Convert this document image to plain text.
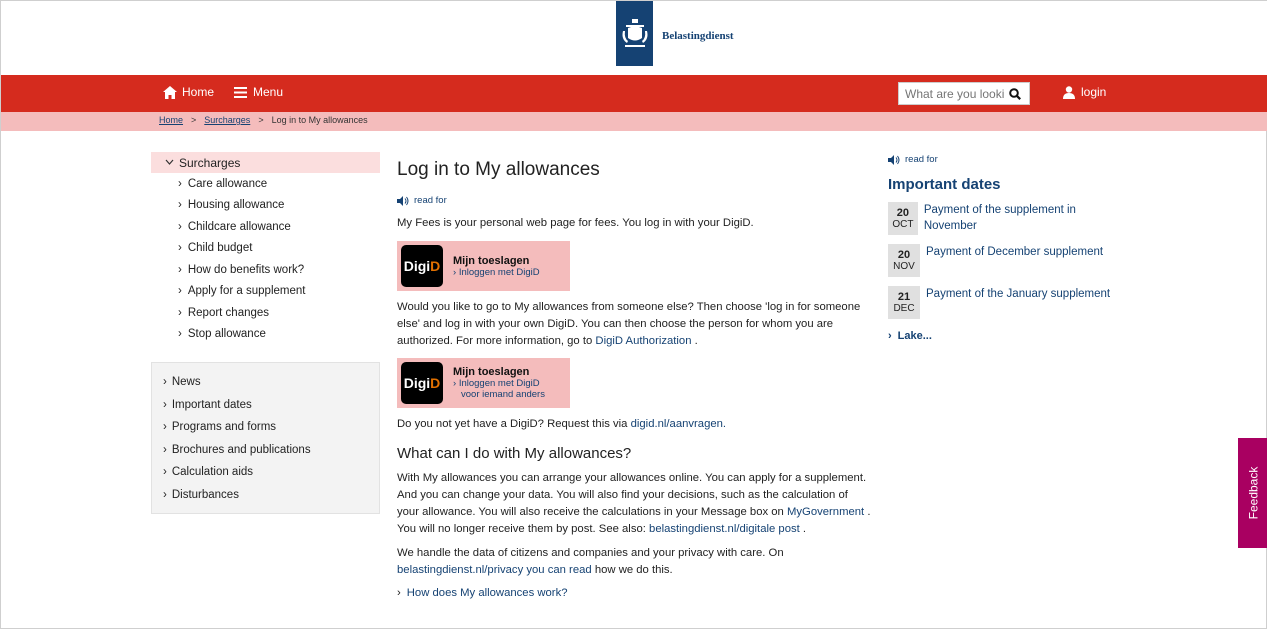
Belastingdienst
Home	Menu
What are you looking for?	login
Home > Surcharges > Log in to My allowances
Surcharges
› Care allowance
› Housing allowance
› Childcare allowance
› Child budget
› How do benefits work?
› Apply for a supplement
› Report changes
› Stop allowance
› News
› Important dates
› Programs and forms
› Brochures and publications
› Calculation aids
› Disturbances
Log in to My allowances
read for

My Fees is your personal web page for fees. You log in with your DigiD.

Digi D Mijn toeslagen
› Inloggen met DigiD

Would you like to go to My allowances from someone else? Then choose 'log in for someone else' and log in with your own DigiD. You can then choose the person for whom you are authorized. For more information, go to DigiD Authorization .

Digi D
Mijn toeslagen
› Inloggen met DigiD
voor iemand anders

Do you not yet have a DigiD? Request this via digid.nl/aanvragen.

What can I do with My allowances?

With My allowances you can arrange your allowances online. You can apply for a supplement. And you can change your data. You will also find your decisions, such as the calculation of your allowance. You will also receive the calculations in your Message box on MyGovernment . You will no longer receive them by post. See also: belastingdienst.nl/digitale post .

We handle the data of citizens and companies and your privacy with care. On belastingdienst.nl/privacy you can read how we do this.

› How does My allowances work?
read for
Important dates
20
OCT
Payment of the supplement in November
20
NOV
Payment of December supplement
21
DEC
Payment of the January supplement
› Lake...
Feedback
